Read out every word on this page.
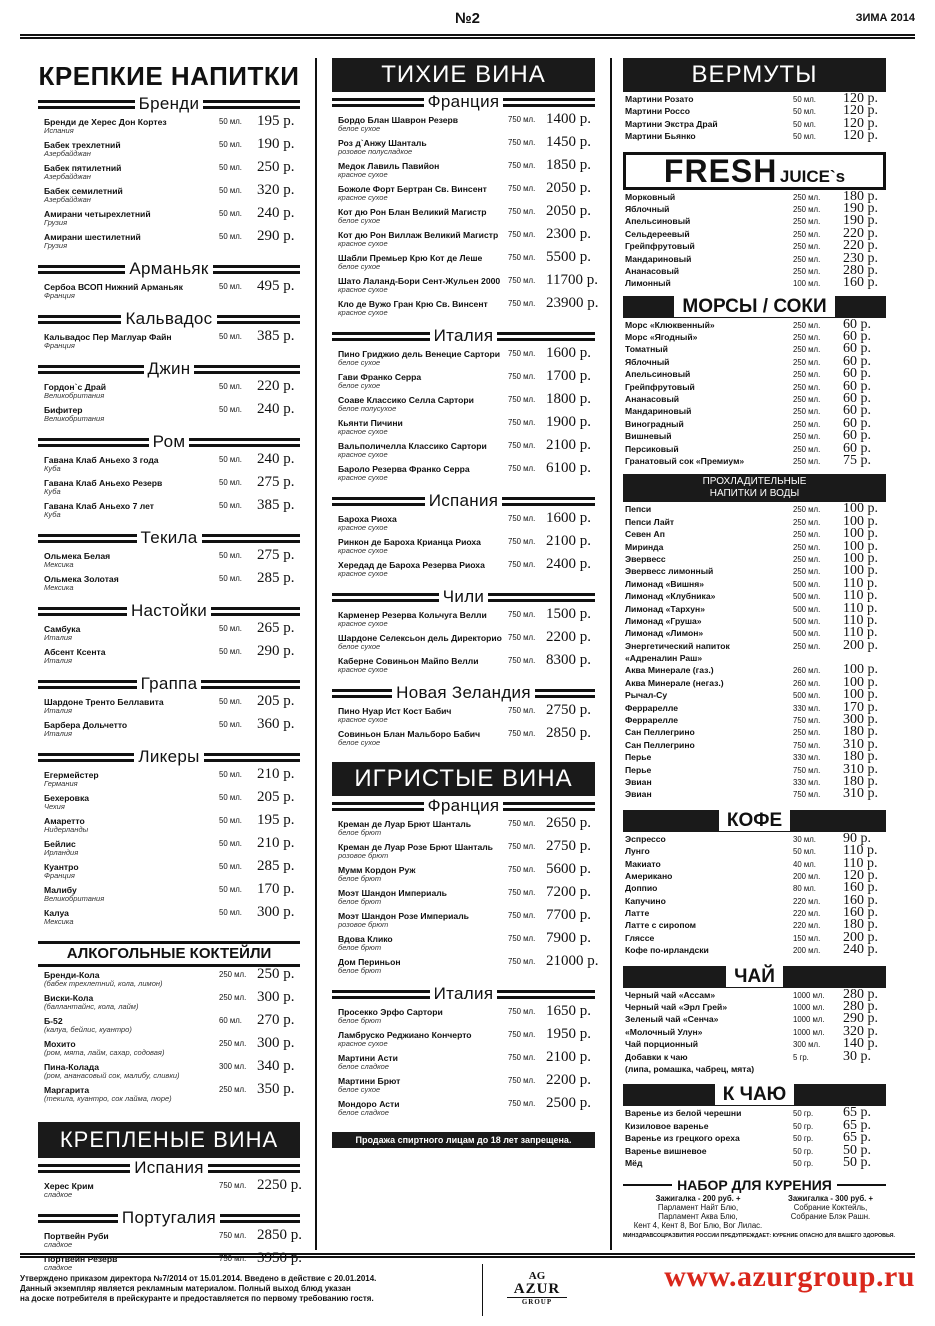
№2	ЗИМА 2014
КРЕПКИЕ НАПИТКИ
Бренди
Бренди де Херес Дон Кортез
Испания
50 мл. 195 р.
Бабек трехлетний
Азербайджан
50 мл. 190 р.
Бабек пятилетний
Азербайджан
50 мл. 250 р.
Бабек семилетний
Азербайджан
50 мл. 320 р.
Амирани четырехлетний
Грузия
50 мл. 240 р.
Амирани шестилетний
Грузия
50 мл. 290 р.
Арманьяк
Сербоа ВСОП Нижний Арманьяк
Франция
50 мл. 495 р.
Кальвадос
Кальвадос Пер Маглуар Файн
Франция
50 мл. 385 р.
Джин
Гордон`с Драй
Великобритания
50 мл. 220 р.
Бифитер
Великобритания
50 мл. 240 р.
Ром
Гавана Клаб Аньехо 3 года
Куба
50 мл. 240 р.
Гавана Клаб Аньехо Резерв
Куба
50 мл. 275 р.
Гавана Клаб Аньехо 7 лет
Куба
50 мл. 385 р.
Текила
Ольмека Белая
Мексика
50 мл. 275 р.
Ольмека Золотая
Мексика
50 мл. 285 р.
Настойки
Самбука
Италия
50 мл. 265 р.
Абсент Ксента
Италия
50 мл. 290 р.
Граппа
Шардоне Тренто Беллавита
Италия
50 мл. 205 р.
Барбера Дольчетто
Италия
50 мл. 360 р.
Ликеры
Егермейстер
Германия
50 мл. 210 р.
Бехеровка
Чехия
50 мл. 205 р.
Амаретто
Нидерланды
50 мл. 195 р.
Бейлис
Ирландия
50 мл. 210 р.
Куантро
Франция
50 мл. 285 р.
Малибу
Великобритания
50 мл. 170 р.
Калуа
Мексика
50 мл. 300 р.
АЛКОГОЛЬНЫЕ КОКТЕЙЛИ
Бренди-Кола
(бабек трехлетний, кола, лимон)
250 мл. 250 р.
Виски-Кола
(баллантайнс, кола, лайм)
250 мл. 300 р.
Б-52
(калуа, бейлис, куантро)
60 мл. 270 р.
Мохито
(ром, мята, лайм, сахар, содовая)
250 мл. 300 р.
Пина-Колада
(ром, ананасовый сок, малибу, сливки)
300 мл. 340 р.
Маргарита
(текила, куантро, сок лайма, пюре)
250 мл. 350 р.
КРЕПЛЕНЫЕ ВИНА
Испания
Херес Крим
сладкое
750 мл. 2250 р.
Португалия
Портвейн Руби
сладкое
750 мл. 2850 р.
Портвейн Резерв
сладкое
750 мл. 3950 р.
ТИХИЕ ВИНА
Франция
Бордо Блан Шаврон Резерв
белое сухое
750 мл. 1400 р.
Роз д`Анжу Шанталь
розовое полусладкое
750 мл. 1450 р.
Медок Лавиль Павийон
красное сухое
750 мл. 1850 р.
Божоле Форт Бертран Св. Винсент
красное сухое
750 мл. 2050 р.
Кот дю Рон Блан Великий Магистр
белое сухое
750 мл. 2050 р.
Кот дю Рон Виллаж Великий Магистр
красное сухое
750 мл. 2300 р.
Шабли Премьер Крю Кот де Леше
белое сухое
750 мл. 5500 р.
Шато Лаланд-Бори Сент-Жульен 2000
красное сухое
750 мл. 11700 р.
Кло де Вужо Гран Крю Св. Винсент
красное сухое
750 мл. 23900 р.
Италия
Пино Гриджио дель Венецие Сартори
белое сухое
750 мл. 1600 р.
Гави Франко Серра
белое сухое
750 мл. 1700 р.
Соаве Классико Селла Сартори
белое полусухое
750 мл. 1800 р.
Кьянти Пичини
красное сухое
750 мл. 1900 р.
Вальполичелла Классико Сартори
красное сухое
750 мл. 2100 р.
Бароло Резерва Франко Серра
красное сухое
750 мл. 6100 р.
Испания
Бароха Риоха
красное сухое
750 мл. 1600 р.
Ринкон де Бароха Крианца Риоха
красное сухое
750 мл. 2100 р.
Хередад де Бароха Резерва Риоха
красное сухое
750 мл. 2400 р.
Чили
Карменер Резерва Кольчуга Велли
красное сухое
750 мл. 1500 р.
Шардоне Селексьон дель Директорио
белое сухое
750 мл. 2200 р.
Каберне Совиньон Майпо Велли
красное сухое
750 мл. 8300 р.
Новая Зеландия
Пино Нуар Ист Кост Бабич
красное сухое
750 мл. 2750 р.
Совиньон Блан Мальборо Бабич
белое сухое
750 мл. 2850 р.
ИГРИСТЫЕ ВИНА
Франция
Креман де Луар Брют Шанталь
белое брют
750 мл. 2650 р.
Креман де Луар Розе Брют Шанталь
розовое брют
750 мл. 2750 р.
Мумм Кордон Руж
белое брют
750 мл. 5600 р.
Моэт Шандон Империаль
белое брют
750 мл. 7200 р.
Моэт Шандон Розе Империаль
розовое брют
750 мл. 7700 р.
Вдова Клико
белое брют
750 мл. 7900 р.
Дом Периньон
белое брют
750 мл. 21000 р.
Италия
Просекко Эрфо Сартори
белое брют
750 мл. 1650 р.
Ламбруско Реджиано Кончерто
красное сухое
750 мл. 1950 р.
Мартини Асти
белое сладкое
750 мл. 2100 р.
Мартини Брют
белое сухое
750 мл. 2200 р.
Мондоро Асти
белое сладкое
750 мл. 2500 р.
Продажа спиртного лицам до 18 лет запрещена.
ВЕРМУТЫ
Мартини Розато	50 мл. 120 р.
Мартини Россо	50 мл. 120 р.
Мартини Экстра Драй	50 мл. 120 р.
Мартини Бьянко	50 мл. 120 р.
FRESH JUICE`s
Морковный	250 мл. 180 р.
Яблочный	250 мл. 190 р.
Апельсиновый	250 мл. 190 р.
Сельдереевый	250 мл. 220 р.
Грейпфрутовый	250 мл. 220 р.
Мандариновый	250 мл. 230 р.
Ананасовый	250 мл. 280 р.
Лимонный	100 мл. 160 р.
МОРСЫ / СОКИ
Морс «Клюквенный»	250 мл. 60 р.
Морс «Ягодный»	250 мл. 60 р.
Томатный	250 мл. 60 р.
Яблочный	250 мл. 60 р.
Апельсиновый	250 мл. 60 р.
Грейпфрутовый	250 мл. 60 р.
Ананасовый	250 мл. 60 р.
Мандариновый	250 мл. 60 р.
Виноградный	250 мл. 60 р.
Вишневый	250 мл. 60 р.
Персиковый	250 мл. 60 р.
Гранатовый сок «Премиум»	250 мл. 75 р.
ПРОХЛАДИТЕЛЬНЫЕ
НАПИТКИ И ВОДЫ
Пепси	250 мл. 100 р.
Пепси Лайт	250 мл. 100 р.
Севен Ап	250 мл. 100 р.
Миринда	250 мл. 100 р.
Эвервесс	250 мл. 100 р.
Эвервесс лимонный	250 мл. 100 р.
Лимонад «Вишня»	500 мл. 110 р.
Лимонад «Клубника»	500 мл. 110 р.
Лимонад «Тархун»	500 мл. 110 р.
Лимонад «Груша»	500 мл. 110 р.
Лимонад «Лимон»	500 мл. 110 р.
Энергетический напиток	250 мл. 200 р.
«Адреналин Раш»
Аква Минерале (газ.)	260 мл. 100 р.
Аква Минерале (негаз.)	260 мл. 100 р.
Рычал-Су	500 мл. 100 р.
Феррарелле	330 мл. 170 р.
Феррарелле	750 мл. 300 р.
Сан Пеллегрино	250 мл. 180 р.
Сан Пеллегрино	750 мл. 310 р.
Перье	330 мл. 180 р.
Перье	750 мл. 310 р.
Эвиан	330 мл. 180 р.
Эвиан	750 мл. 310 р.
КОФЕ
Эспрессо	30 мл. 90 р.
Лунго	50 мл. 110 р.
Макиато	40 мл. 110 р.
Американо	200 мл. 120 р.
Доппио	80 мл. 160 р.
Капучино	220 мл. 160 р.
Латте	220 мл. 160 р.
Латте с сиропом	220 мл. 180 р.
Гляссе	150 мл. 200 р.
Кофе по-ирландски	200 мл. 240 р.
ЧАЙ
Черный чай «Ассам»	1000 мл. 280 р.
Черный чай «Эрл Грей»	1000 мл. 280 р.
Зеленый чай «Сенча»	1000 мл. 290 р.
«Молочный Улун»	1000 мл. 320 р.
Чай порционный	300 мл. 140 р.
Добавки к чаю	5 гр. 30 р.
(липа, ромашка, чабрец, мята)
К ЧАЮ
Варенье из белой черешни	50 гр. 65 р.
Кизиловое варенье	50 гр. 65 р.
Варенье из грецкого ореха	50 гр. 65 р.
Варенье вишневое	50 гр. 50 р.
Мёд	50 гр. 50 р.
НАБОР ДЛЯ КУРЕНИЯ
Зажигалка - 200 руб. +
Парламент Найт Блю,
Парламент Аква Блю,
Кент 4, Кент 8, Вог Блю, Вог Лилас.
Зажигалка - 300 руб. +
Собрание Коктейль,
Собрание Блэк Рашн.
МИНЗДРАВСОЦРАЗВИТИЯ РОССИИ ПРЕДУПРЕЖДАЕТ: КУРЕНИЕ ОПАСНО ДЛЯ ВАШЕГО ЗДОРОВЬЯ.
Утверждено приказом директора №7/2014 от 15.01.2014. Введено в действие с 20.01.2014.
Данный экземпляр является рекламным материалом. Полный выход блюд указан
на доске потребителя в прейскуранте и предоставляется по первому требованию гостя.
AG
AZUR
GROUP
www.azurgroup.ru
